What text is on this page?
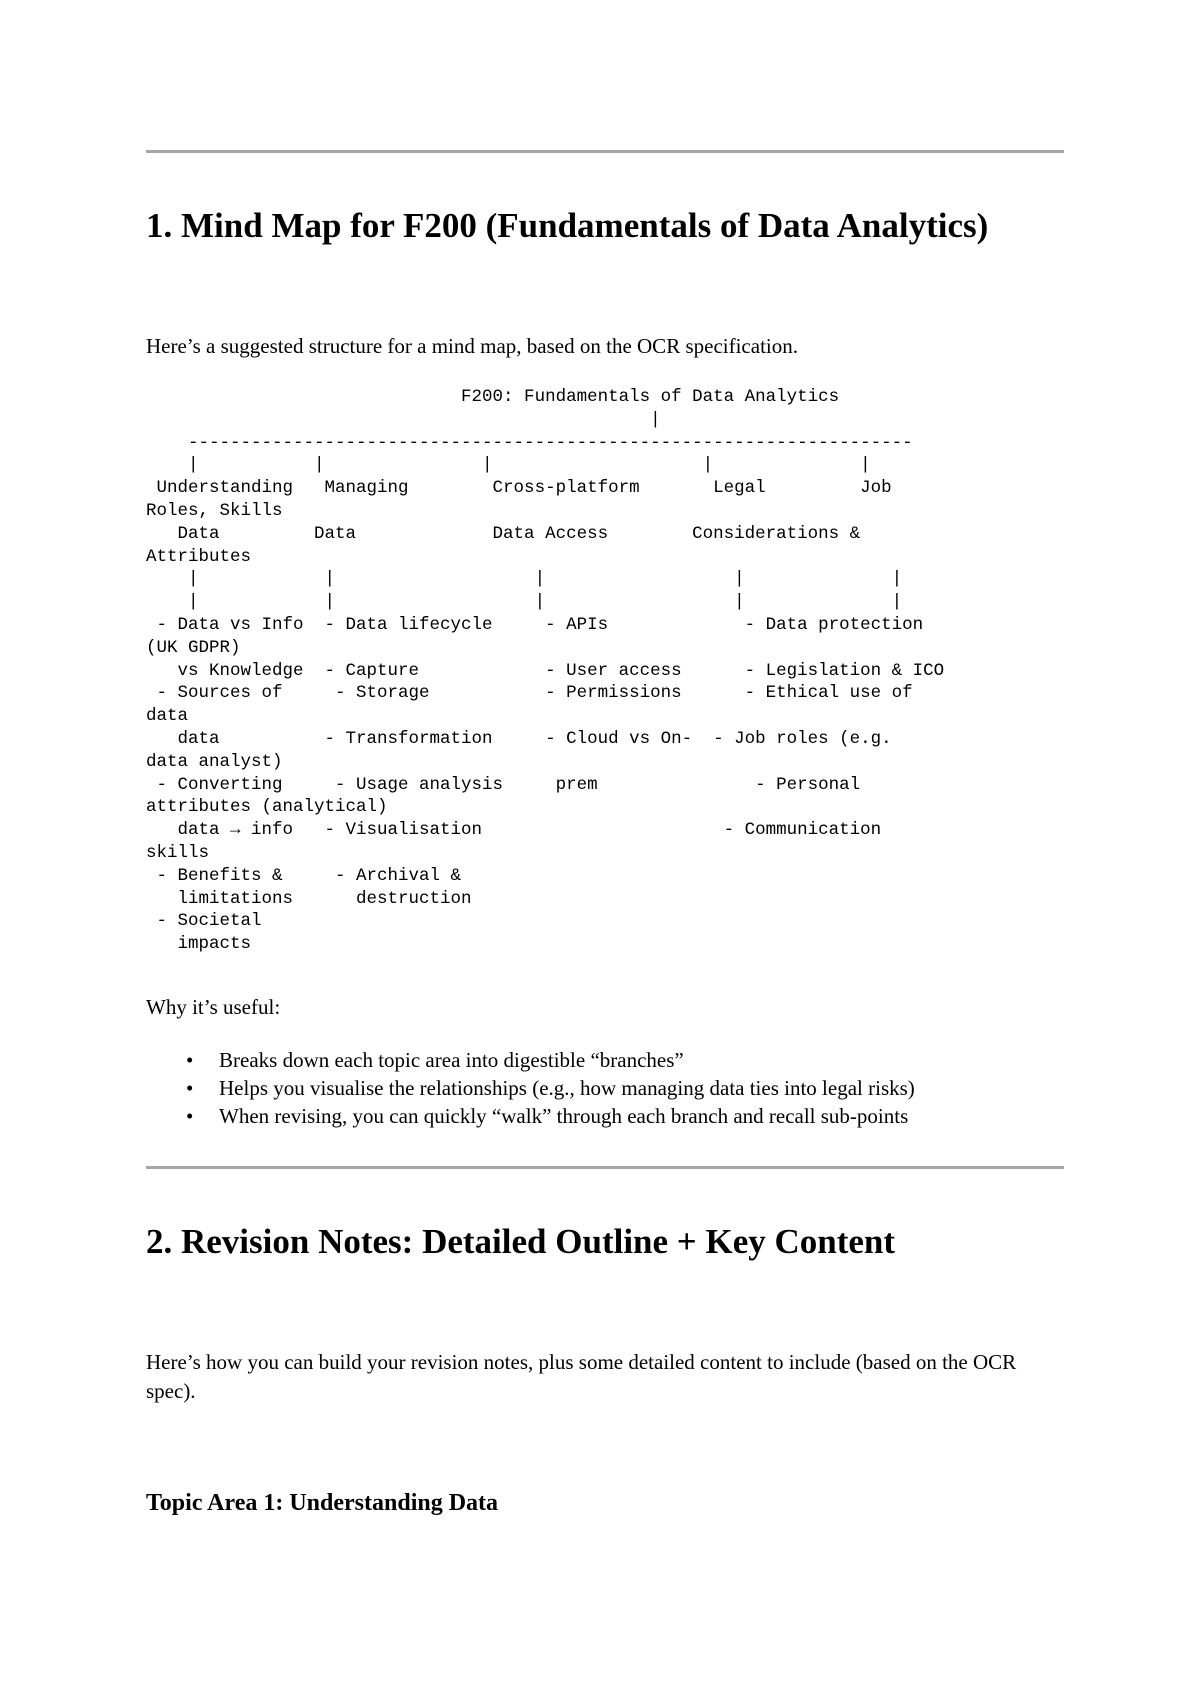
1. Mind Map for F200 (Fundamentals of Data Analytics)

Here’s a suggested structure for a mind map, based on the OCR specification.

F200: Fundamentals of Data Analytics
|
---------------------------------------------------------------------
|           |               |                    |              |
Understanding   Managing        Cross-platform       Legal         Job
Roles, Skills
Data         Data             Data Access        Considerations &
Attributes
|            |                   |                  |              |
|            |                   |                  |              |
- Data vs Info  - Data lifecycle     - APIs             - Data protection
(UK GDPR)
vs Knowledge  - Capture            - User access      - Legislation & ICO
- Sources of     - Storage           - Permissions      - Ethical use of
data
data          - Transformation     - Cloud vs On-  - Job roles (e.g.
data analyst)
- Converting     - Usage analysis     prem               - Personal
attributes (analytical)
data → info   - Visualisation                       - Communication
skills
- Benefits &     - Archival &
limitations      destruction
- Societal
impacts

Why it’s useful:

• Breaks down each topic area into digestible “branches”
• Helps you visualise the relationships (e.g., how managing data ties into legal risks)
• When revising, you can quickly “walk” through each branch and recall sub-points
2. Revision Notes: Detailed Outline + Key Content

Here’s how you can build your revision notes, plus some detailed content to include (based on the OCR spec).

Topic Area 1: Understanding Data
